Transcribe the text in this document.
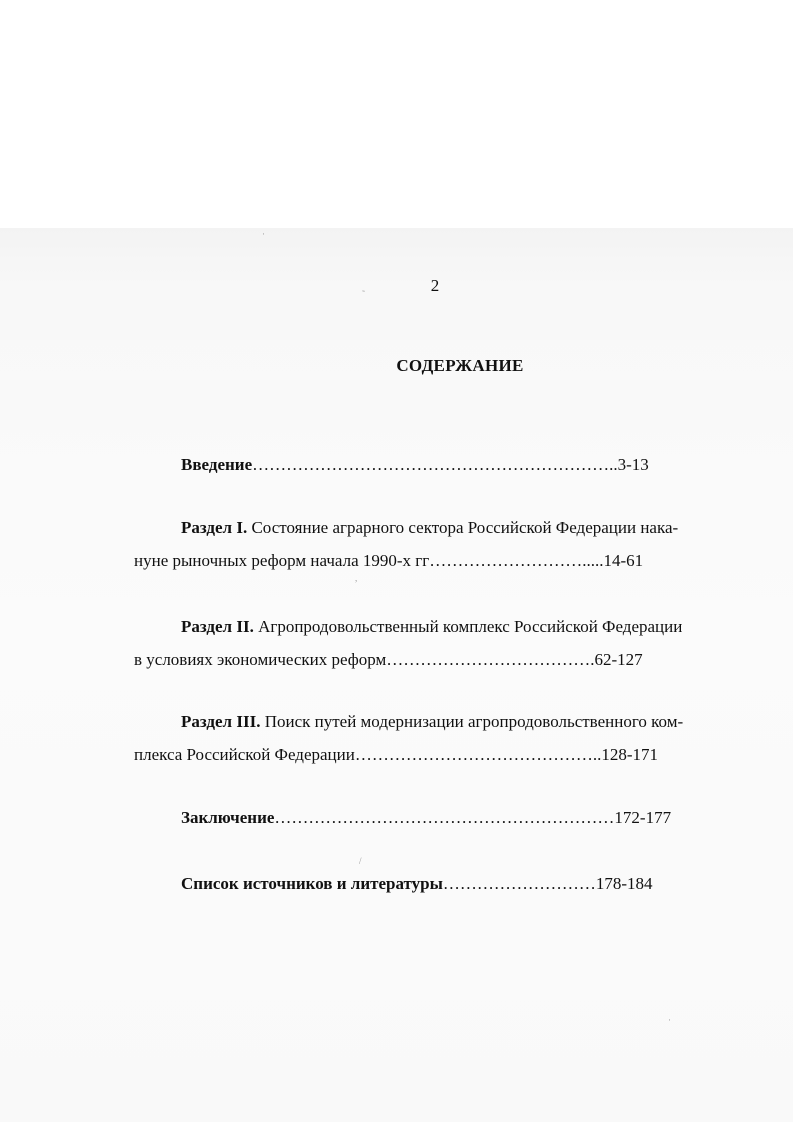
˜
,
/
·
·
2
СОДЕРЖАНИЕ
Введение………………………………………………………..3-13
Раздел I. Состояние аграрного сектора Российской Федерации нака-
нуне рыночных реформ начала 1990-х гг……………………….....14-61
Раздел II. Агропродовольственный комплекс Российской Федерации
в условиях экономических реформ……………………………….62-127
Раздел III. Поиск путей модернизации агропродовольственного ком-
плекса Российской Федерации……………………………………..128-171
Заключение……………………………………………………172-177
Список источников и литературы………………………178-184
